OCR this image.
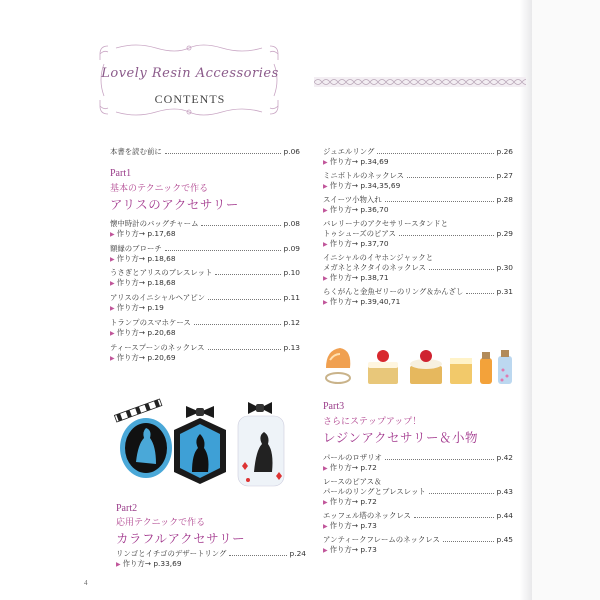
Lovely Resin Accessories
CONTENTS
本書を読む前に	p.06
Part1
基本のテクニックで作る
アリスのアクセサリー
懐中時計のバッグチャーム	p.08
▶ 作り方→ p.17,68
額縁のブローチ	p.09
▶ 作り方→ p.18,68
うさぎとアリスのブレスレット	p.10
▶ 作り方→ p.18,68
アリスのイニシャルヘアピン	p.11
▶ 作り方→ p.19
トランプのスマホケース	p.12
▶ 作り方→ p.20,68
ティースプーンのネックレス	p.13
▶ 作り方→ p.20,69
Part2
応用テクニックで作る
カラフルアクセサリー
リンゴとイチゴのデザートリング	p.24
▶ 作り方→ p.33,69
ジュエルリング	p.26
▶ 作り方→ p.34,69
ミニボトルのネックレス	p.27
▶ 作り方→ p.34,35,69
スイーツ小物入れ	p.28
▶ 作り方→ p.36,70
バレリーナのアクセサリースタンドと
トゥシューズのピアス	p.29
▶ 作り方→ p.37,70
イニシャルのイヤホンジャックと
メガネとネクタイのネックレス	p.30
▶ 作り方→ p.38,71
らくがんと金魚ゼリーのリング＆かんざし	p.31
▶ 作り方→ p.39,40,71
Part3
さらにステップアップ！
レジンアクセサリー＆小物
パールのロザリオ	p.42
▶ 作り方→ p.72
レースのピアス＆
パールのリングとブレスレット	p.43
▶ 作り方→ p.72
エッフェル塔のネックレス	p.44
▶ 作り方→ p.73
アンティークフレームのネックレス	p.45
▶ 作り方→ p.73
4
